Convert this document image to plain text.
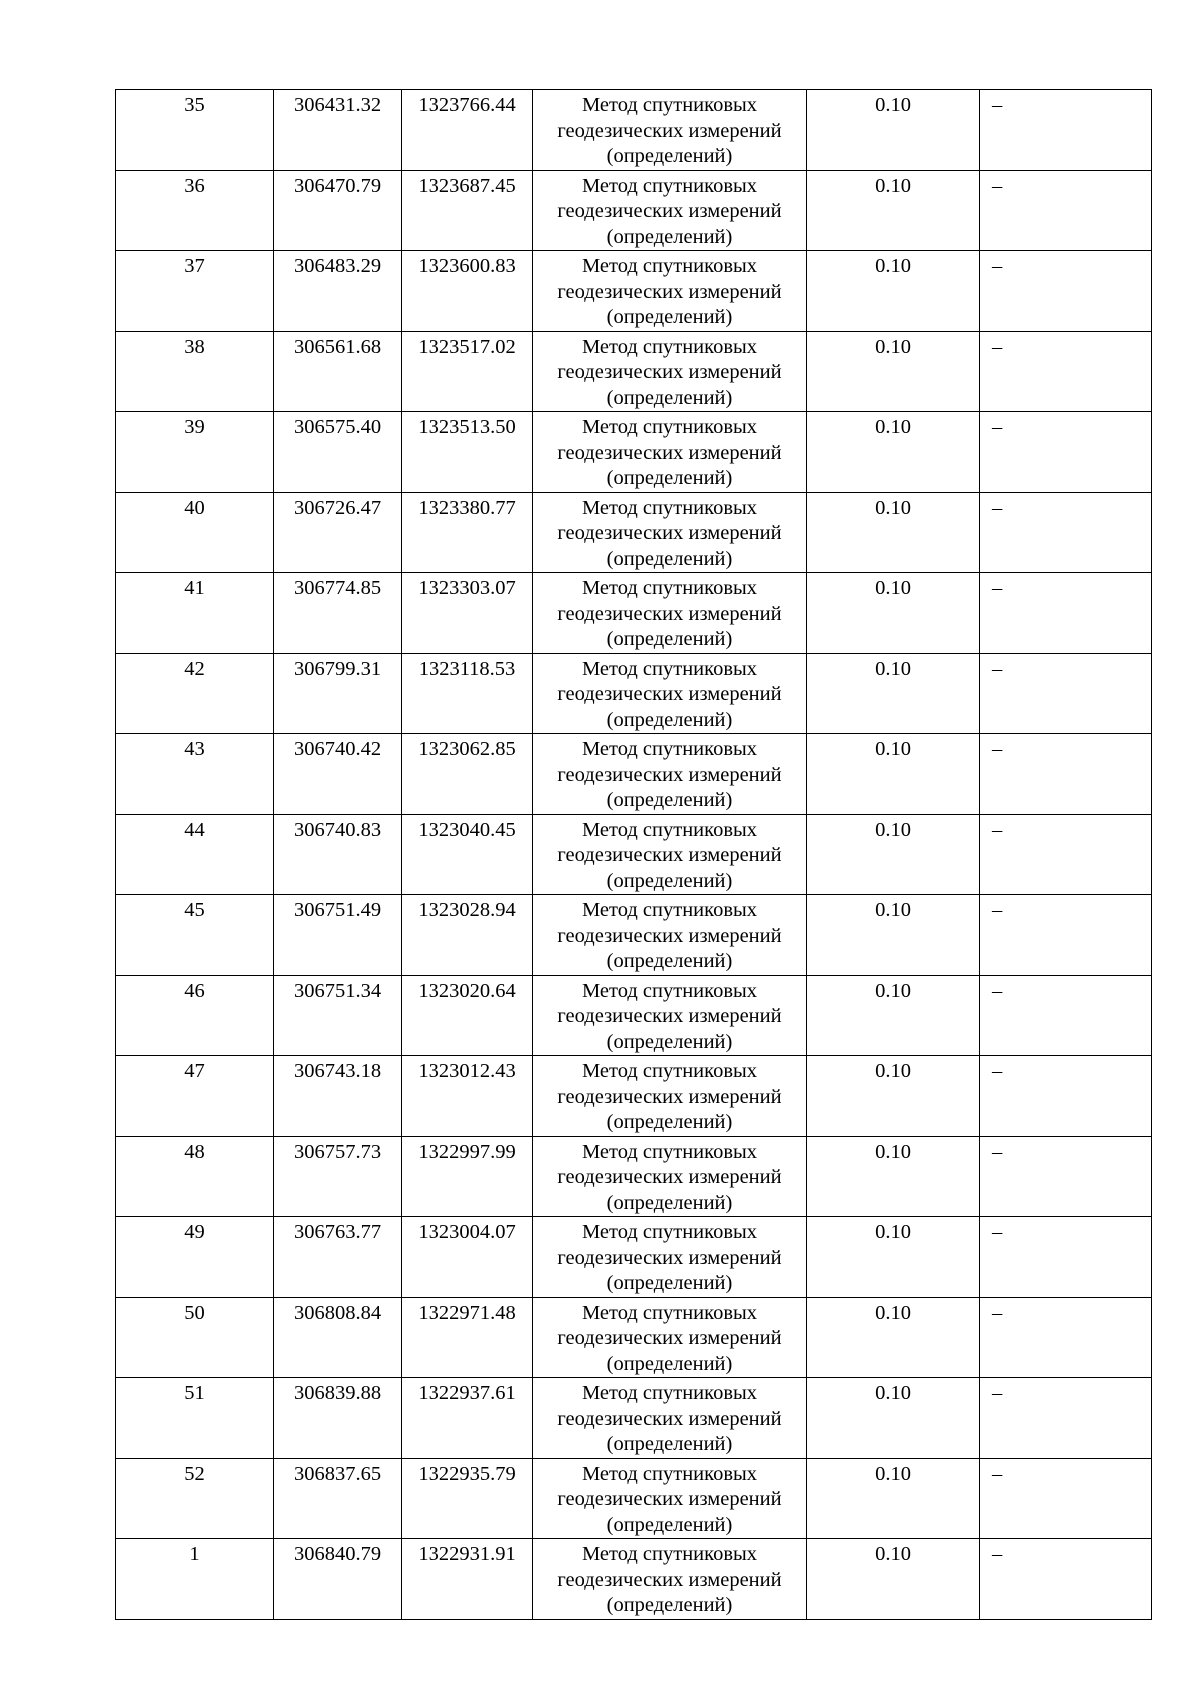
35	306431.32	1323766.44	Метод спутниковых
геодезических измерений
(определений)	0.10	–
36	306470.79	1323687.45	Метод спутниковых
геодезических измерений
(определений)	0.10	–
37	306483.29	1323600.83	Метод спутниковых
геодезических измерений
(определений)	0.10	–
38	306561.68	1323517.02	Метод спутниковых
геодезических измерений
(определений)	0.10	–
39	306575.40	1323513.50	Метод спутниковых
геодезических измерений
(определений)	0.10	–
40	306726.47	1323380.77	Метод спутниковых
геодезических измерений
(определений)	0.10	–
41	306774.85	1323303.07	Метод спутниковых
геодезических измерений
(определений)	0.10	–
42	306799.31	1323118.53	Метод спутниковых
геодезических измерений
(определений)	0.10	–
43	306740.42	1323062.85	Метод спутниковых
геодезических измерений
(определений)	0.10	–
44	306740.83	1323040.45	Метод спутниковых
геодезических измерений
(определений)	0.10	–
45	306751.49	1323028.94	Метод спутниковых
геодезических измерений
(определений)	0.10	–
46	306751.34	1323020.64	Метод спутниковых
геодезических измерений
(определений)	0.10	–
47	306743.18	1323012.43	Метод спутниковых
геодезических измерений
(определений)	0.10	–
48	306757.73	1322997.99	Метод спутниковых
геодезических измерений
(определений)	0.10	–
49	306763.77	1323004.07	Метод спутниковых
геодезических измерений
(определений)	0.10	–
50	306808.84	1322971.48	Метод спутниковых
геодезических измерений
(определений)	0.10	–
51	306839.88	1322937.61	Метод спутниковых
геодезических измерений
(определений)	0.10	–
52	306837.65	1322935.79	Метод спутниковых
геодезических измерений
(определений)	0.10	–
1	306840.79	1322931.91	Метод спутниковых
геодезических измерений
(определений)	0.10	–
